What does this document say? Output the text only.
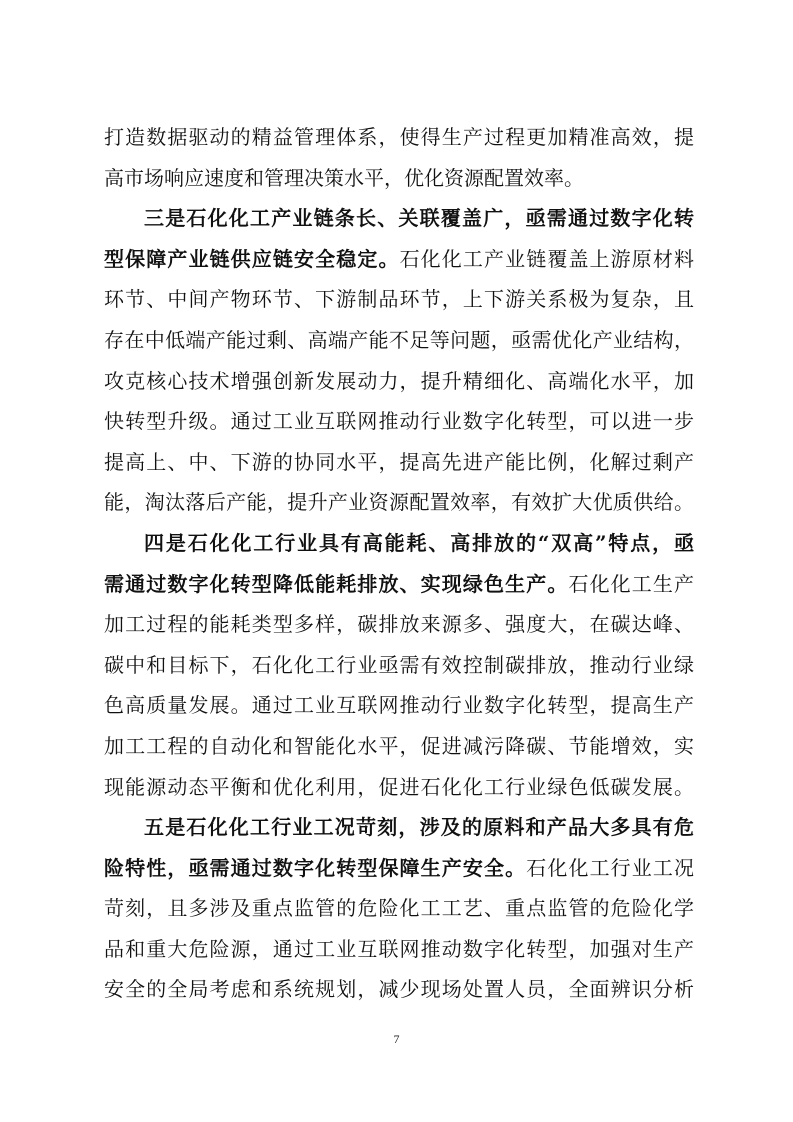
打造数据驱动的精益管理体系，使得生产过程更加精准高效，提
高市场响应速度和管理决策水平，优化资源配置效率。
三是石化化工产业链条长、关联覆盖广，亟需通过数字化转
型保障产业链供应链安全稳定。石化化工产业链覆盖上游原材料
环节、中间产物环节、下游制品环节，上下游关系极为复杂，且
存在中低端产能过剩、高端产能不足等问题，亟需优化产业结构，
攻克核心技术增强创新发展动力，提升精细化、高端化水平，加
快转型升级。通过工业互联网推动行业数字化转型，可以进一步
提高上、中、下游的协同水平，提高先进产能比例，化解过剩产
能，淘汰落后产能，提升产业资源配置效率，有效扩大优质供给。
四是石化化工行业具有高能耗、高排放的“双高”特点，亟
需通过数字化转型降低能耗排放、实现绿色生产。石化化工生产
加工过程的能耗类型多样，碳排放来源多、强度大，在碳达峰、
碳中和目标下，石化化工行业亟需有效控制碳排放，推动行业绿
色高质量发展。通过工业互联网推动行业数字化转型，提高生产
加工工程的自动化和智能化水平，促进减污降碳、节能增效，实
现能源动态平衡和优化利用，促进石化化工行业绿色低碳发展。
五是石化化工行业工况苛刻，涉及的原料和产品大多具有危
险特性，亟需通过数字化转型保障生产安全。石化化工行业工况
苛刻，且多涉及重点监管的危险化工工艺、重点监管的危险化学
品和重大危险源，通过工业互联网推动数字化转型，加强对生产
安全的全局考虑和系统规划，减少现场处置人员，全面辨识分析
7
